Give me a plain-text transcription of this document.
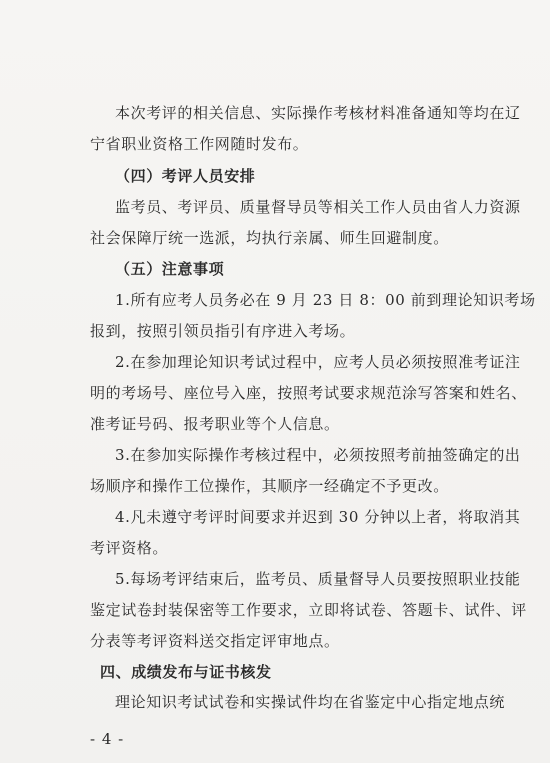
本次考评的相关信息、实际操作考核材料准备通知等均在辽
宁省职业资格工作网随时发布。
（四）考评人员安排
监考员、考评员、质量督导员等相关工作人员由省人力资源
社会保障厅统一选派，均执行亲属、师生回避制度。
（五）注意事项
1.所有应考人员务必在 9 月 23 日 8：00 前到理论知识考场
报到，按照引领员指引有序进入考场。
2.在参加理论知识考试过程中，应考人员必须按照准考证注
明的考场号、座位号入座，按照考试要求规范涂写答案和姓名、
准考证号码、报考职业等个人信息。
3.在参加实际操作考核过程中，必须按照考前抽签确定的出
场顺序和操作工位操作，其顺序一经确定不予更改。
4.凡未遵守考评时间要求并迟到 30 分钟以上者，将取消其
考评资格。
5.每场考评结束后，监考员、质量督导人员要按照职业技能
鉴定试卷封装保密等工作要求，立即将试卷、答题卡、试件、评
分表等考评资料送交指定评审地点。
四、成绩发布与证书核发
理论知识考试试卷和实操试件均在省鉴定中心指定地点统
- 4 -
